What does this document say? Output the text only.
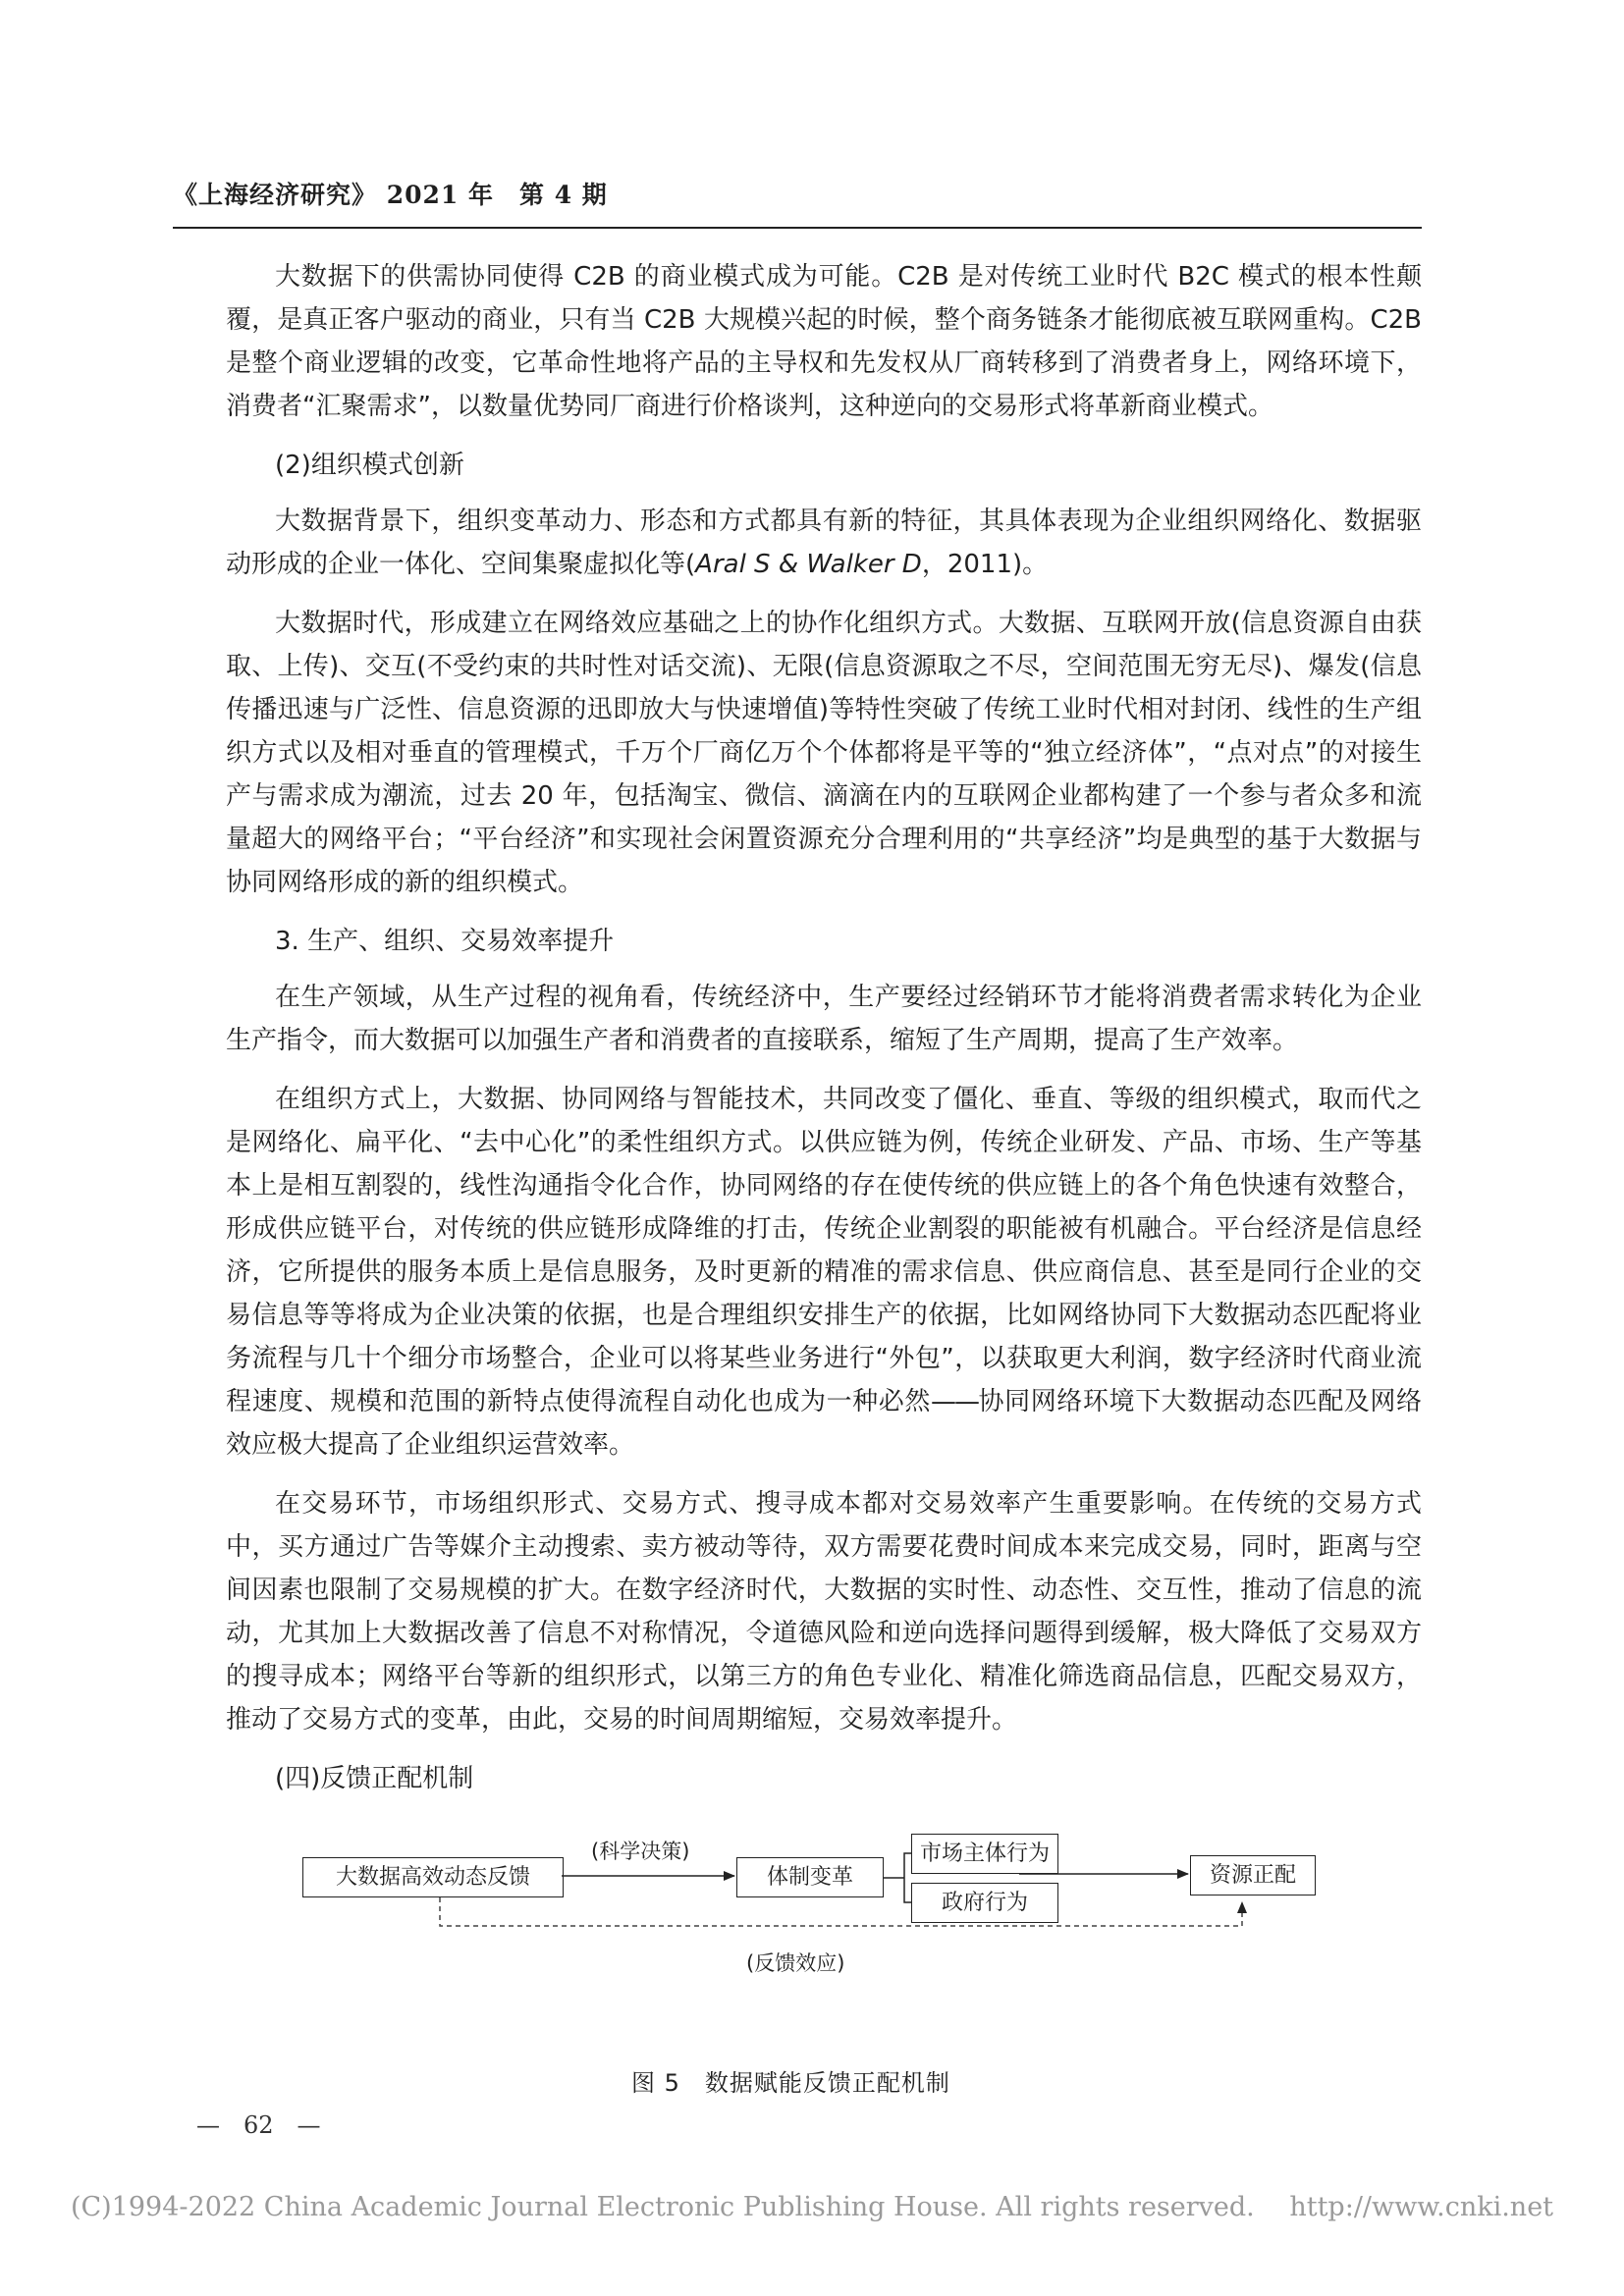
《上海经济研究》 2021 年　第 4 期

大数据下的供需协同使得 C2B 的商业模式成为可能。C2B 是对传统工业时代 B2C 模式的根本性颠覆，是真正客户驱动的商业，只有当 C2B 大规模兴起的时候，整个商务链条才能彻底被互联网重构。C2B 是整个商业逻辑的改变，它革命性地将产品的主导权和先发权从厂商转移到了消费者身上，网络环境下，消费者“汇聚需求”，以数量优势同厂商进行价格谈判，这种逆向的交易形式将革新商业模式。

(2)组织模式创新

大数据背景下，组织变革动力、形态和方式都具有新的特征，其具体表现为企业组织网络化、数据驱动形成的企业一体化、空间集聚虚拟化等(Aral S & Walker D，2011)。

大数据时代，形成建立在网络效应基础之上的协作化组织方式。大数据、互联网开放(信息资源自由获取、上传)、交互(不受约束的共时性对话交流)、无限(信息资源取之不尽，空间范围无穷无尽)、爆发(信息传播迅速与广泛性、信息资源的迅即放大与快速增值)等特性突破了传统工业时代相对封闭、线性的生产组织方式以及相对垂直的管理模式，千万个厂商亿万个个体都将是平等的“独立经济体”，“点对点”的对接生产与需求成为潮流，过去 20 年，包括淘宝、微信、滴滴在内的互联网企业都构建了一个参与者众多和流量超大的网络平台；“平台经济”和实现社会闲置资源充分合理利用的“共享经济”均是典型的基于大数据与协同网络形成的新的组织模式。

3. 生产、组织、交易效率提升

在生产领域，从生产过程的视角看，传统经济中，生产要经过经销环节才能将消费者需求转化为企业生产指令，而大数据可以加强生产者和消费者的直接联系，缩短了生产周期，提高了生产效率。

在组织方式上，大数据、协同网络与智能技术，共同改变了僵化、垂直、等级的组织模式，取而代之是网络化、扁平化、“去中心化”的柔性组织方式。以供应链为例，传统企业研发、产品、市场、生产等基本上是相互割裂的，线性沟通指令化合作，协同网络的存在使传统的供应链上的各个角色快速有效整合，形成供应链平台，对传统的供应链形成降维的打击，传统企业割裂的职能被有机融合。平台经济是信息经济，它所提供的服务本质上是信息服务，及时更新的精准的需求信息、供应商信息、甚至是同行企业的交易信息等等将成为企业决策的依据，也是合理组织安排生产的依据，比如网络协同下大数据动态匹配将业务流程与几十个细分市场整合，企业可以将某些业务进行“外包”，以获取更大利润，数字经济时代商业流程速度、规模和范围的新特点使得流程自动化也成为一种必然——协同网络环境下大数据动态匹配及网络效应极大提高了企业组织运营效率。

在交易环节，市场组织形式、交易方式、搜寻成本都对交易效率产生重要影响。在传统的交易方式中，买方通过广告等媒介主动搜索、卖方被动等待，双方需要花费时间成本来完成交易，同时，距离与空间因素也限制了交易规模的扩大。在数字经济时代，大数据的实时性、动态性、交互性，推动了信息的流动，尤其加上大数据改善了信息不对称情况，令道德风险和逆向选择问题得到缓解，极大降低了交易双方的搜寻成本；网络平台等新的组织形式，以第三方的角色专业化、精准化筛选商品信息，匹配交易双方，推动了交易方式的变革，由此，交易的时间周期缩短，交易效率提升。

(四)反馈正配机制

大数据高效动态反馈
(科学决策)
体制变革
市场主体行为
政府行为
资源正配
(反馈效应)
图 5　数据赋能反馈正配机制
—　62　—
(C)1994-2022 China Academic Journal Electronic Publishing House. All rights reserved.　 http://www.cnki.net
